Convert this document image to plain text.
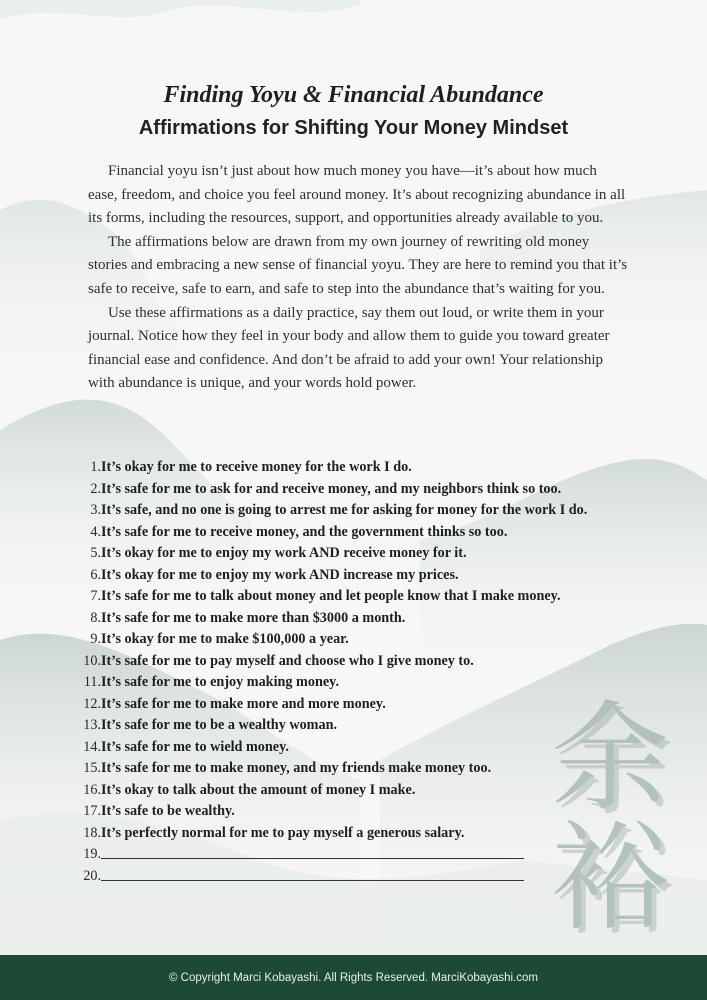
余
裕
Finding Yoyu & Financial Abundance
Affirmations for Shifting Your Money Mindset

Financial yoyu isn’t just about how much money you have—it’s about how much ease, freedom, and choice you feel around money. It’s about recognizing abundance in all its forms, including the resources, support, and opportunities already available to you.

The affirmations below are drawn from my own journey of rewriting old money stories and embracing a new sense of financial yoyu. They are here to remind you that it’s safe to receive, safe to earn, and safe to step into the abundance that’s waiting for you.

Use these affirmations as a daily practice, say them out loud, or write them in your journal. Notice how they feel in your body and allow them to guide you toward greater financial ease and confidence. And don’t be afraid to add your own! Your relationship with abundance is unique, and your words hold power.

1. It’s okay for me to receive money for the work I do.
2. It’s safe for me to ask for and receive money, and my neighbors think so too.
3. It’s safe, and no one is going to arrest me for asking for money for the work I do.
4. It’s safe for me to receive money, and the government thinks so too.
5. It’s okay for me to enjoy my work AND receive money for it.
6. It’s okay for me to enjoy my work AND increase my prices.
7. It’s safe for me to talk about money and let people know that I make money.
8. It’s safe for me to make more than $3000 a month.
9. It’s okay for me to make $100,000 a year.
10. It’s safe for me to pay myself and choose who I give money to.
11. It’s safe for me to enjoy making money.
12. It’s safe for me to make more and more money.
13. It’s safe for me to be a wealthy woman.
14. It’s safe for me to wield money.
15. It’s safe for me to make money, and my friends make money too.
16. It’s okay to talk about the amount of money I make.
17. It’s safe to be wealthy.
18. It’s perfectly normal for me to pay myself a generous salary.
19.
20.
© Copyright Marci Kobayashi. All Rights Reserved. MarciKobayashi.com
